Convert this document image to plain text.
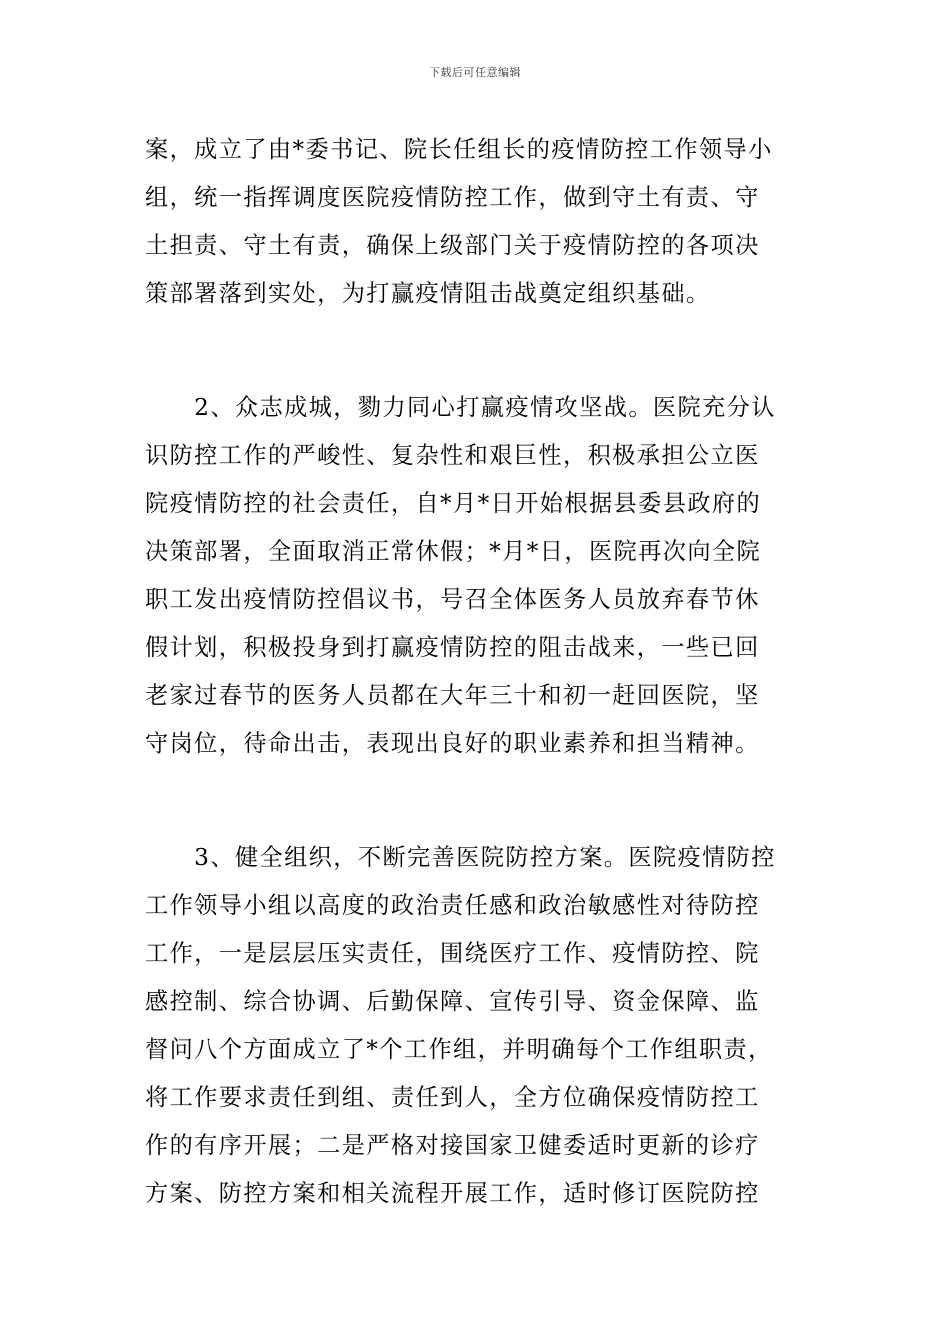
下载后可任意编辑
案，成立了由*委书记、院长任组长的疫情防控工作领导小
组，统一指挥调度医院疫情防控工作，做到守土有责、守
土担责、守土有责，确保上级部门关于疫情防控的各项决
策部署落到实处，为打赢疫情阻击战奠定组织基础。
　　2、众志成城，勠力同心打赢疫情攻坚战。医院充分认
识防控工作的严峻性、复杂性和艰巨性，积极承担公立医
院疫情防控的社会责任，自*月*日开始根据县委县政府的
决策部署，全面取消正常休假；*月*日，医院再次向全院
职工发出疫情防控倡议书，号召全体医务人员放弃春节休
假计划，积极投身到打赢疫情防控的阻击战来，一些已回
老家过春节的医务人员都在大年三十和初一赶回医院，坚
守岗位，待命出击，表现出良好的职业素养和担当精神。
　　3、健全组织，不断完善医院防控方案。医院疫情防控
工作领导小组以高度的政治责任感和政治敏感性对待防控
工作，一是层层压实责任，围绕医疗工作、疫情防控、院
感控制、综合协调、后勤保障、宣传引导、资金保障、监
督问八个方面成立了*个工作组，并明确每个工作组职责，
将工作要求责任到组、责任到人，全方位确保疫情防控工
作的有序开展；二是严格对接国家卫健委适时更新的诊疗
方案、防控方案和相关流程开展工作，适时修订医院防控
